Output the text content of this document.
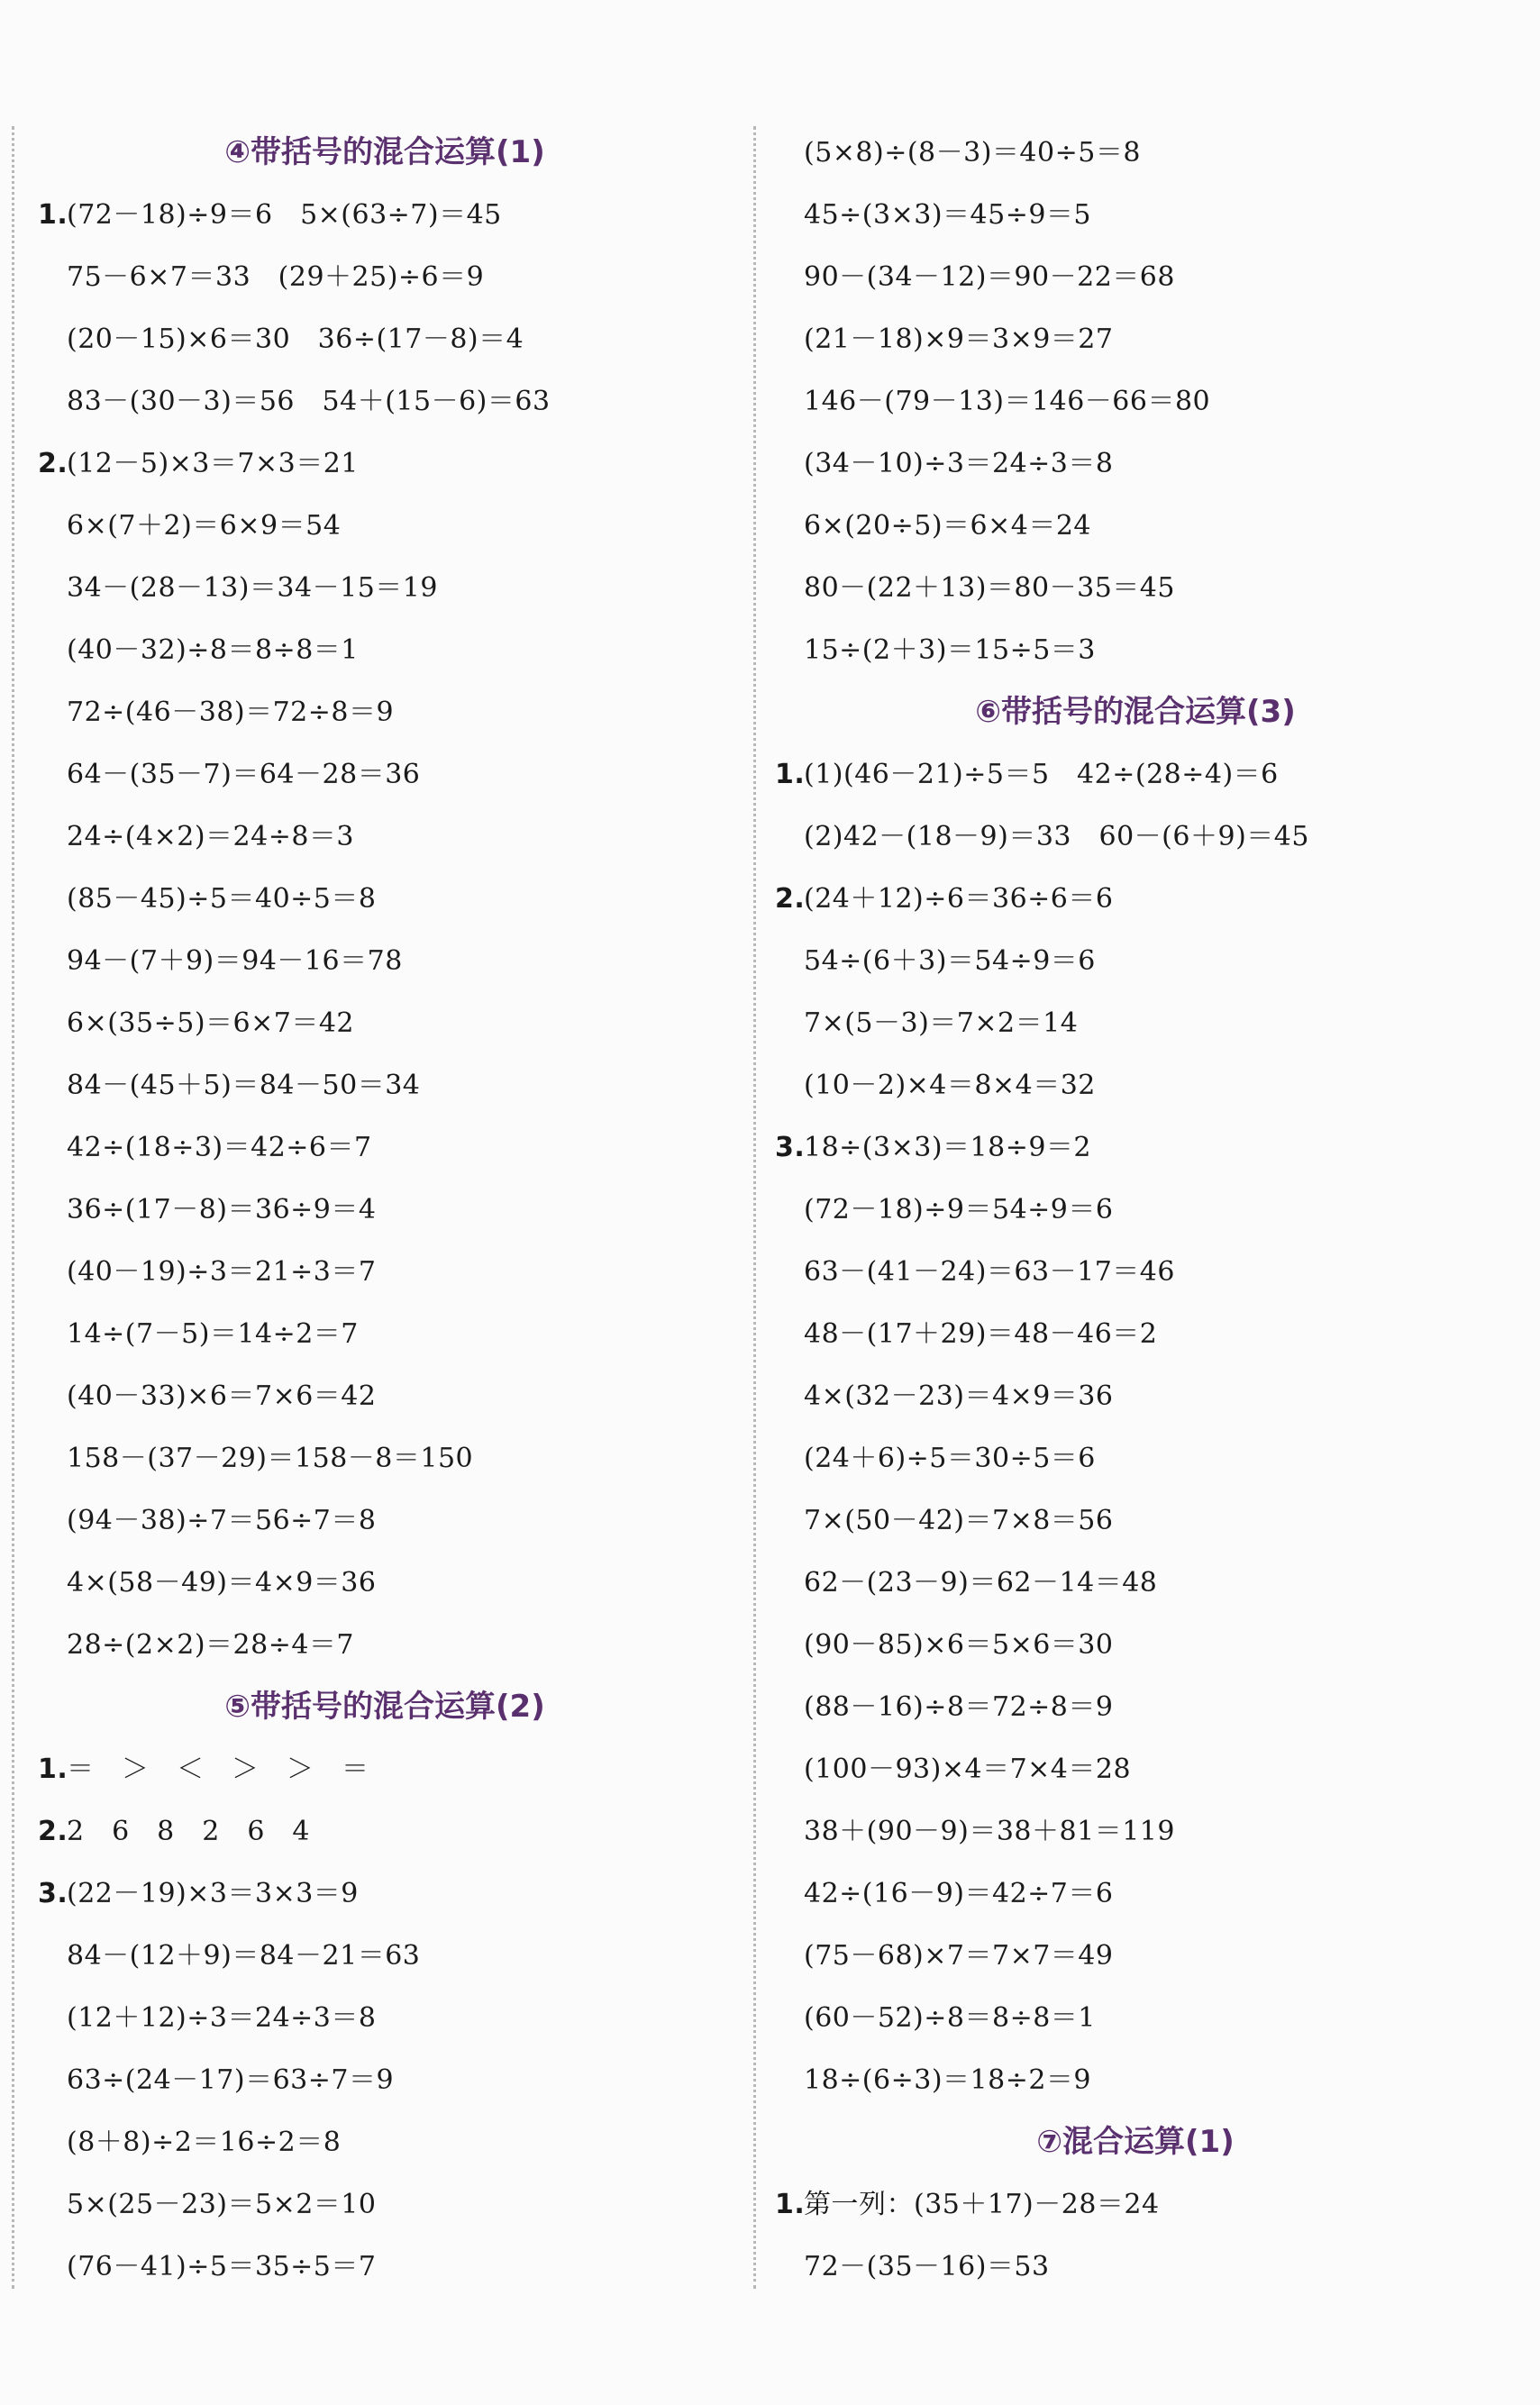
④带括号的混合运算(1)
1.(72－18)÷9＝6　5×(63÷7)＝45
75－6×7＝33　(29＋25)÷6＝9
(20－15)×6＝30　36÷(17－8)＝4
83－(30－3)＝56　54＋(15－6)＝63
2.(12－5)×3＝7×3＝21
6×(7＋2)＝6×9＝54
34－(28－13)＝34－15＝19
(40－32)÷8＝8÷8＝1
72÷(46－38)＝72÷8＝9
64－(35－7)＝64－28＝36
24÷(4×2)＝24÷8＝3
(85－45)÷5＝40÷5＝8
94－(7＋9)＝94－16＝78
6×(35÷5)＝6×7＝42
84－(45＋5)＝84－50＝34
42÷(18÷3)＝42÷6＝7
36÷(17－8)＝36÷9＝4
(40－19)÷3＝21÷3＝7
14÷(7－5)＝14÷2＝7
(40－33)×6＝7×6＝42
158－(37－29)＝158－8＝150
(94－38)÷7＝56÷7＝8
4×(58－49)＝4×9＝36
28÷(2×2)＝28÷4＝7
⑤带括号的混合运算(2)
1.＝　＞　＜　＞　＞　＝
2.2　6　8　2　6　4
3.(22－19)×3＝3×3＝9
84－(12＋9)＝84－21＝63
(12＋12)÷3＝24÷3＝8
63÷(24－17)＝63÷7＝9
(8＋8)÷2＝16÷2＝8
5×(25－23)＝5×2＝10
(76－41)÷5＝35÷5＝7
(5×8)÷(8－3)＝40÷5＝8
45÷(3×3)＝45÷9＝5
90－(34－12)＝90－22＝68
(21－18)×9＝3×9＝27
146－(79－13)＝146－66＝80
(34－10)÷3＝24÷3＝8
6×(20÷5)＝6×4＝24
80－(22＋13)＝80－35＝45
15÷(2＋3)＝15÷5＝3
⑥带括号的混合运算(3)
1.(1)(46－21)÷5＝5　42÷(28÷4)＝6
(2)42－(18－9)＝33　60－(6＋9)＝45
2.(24＋12)÷6＝36÷6＝6
54÷(6＋3)＝54÷9＝6
7×(5－3)＝7×2＝14
(10－2)×4＝8×4＝32
3.18÷(3×3)＝18÷9＝2
(72－18)÷9＝54÷9＝6
63－(41－24)＝63－17＝46
48－(17＋29)＝48－46＝2
4×(32－23)＝4×9＝36
(24＋6)÷5＝30÷5＝6
7×(50－42)＝7×8＝56
62－(23－9)＝62－14＝48
(90－85)×6＝5×6＝30
(88－16)÷8＝72÷8＝9
(100－93)×4＝7×4＝28
38＋(90－9)＝38＋81＝119
42÷(16－9)＝42÷7＝6
(75－68)×7＝7×7＝49
(60－52)÷8＝8÷8＝1
18÷(6÷3)＝18÷2＝9
⑦混合运算(1)
1.第一列：(35＋17)－28＝24
72－(35－16)＝53
